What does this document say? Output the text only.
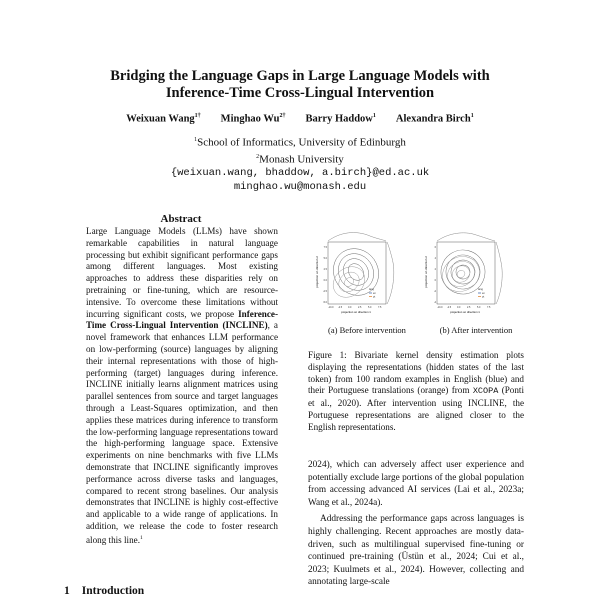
Bridging the Language Gaps in Large Language Models with
Inference-Time Cross-Lingual Intervention
Weixuan Wang$^{1\dagger}$ Minghao $Wu^{2\dagger}$ Barry Haddow$^1$ Alexandra Birch$^1$
$^1$School of Informatics, University of Edinburgh
$^2$Monash University
{weixuan.wang, bhaddow, a.birch}@ed.ac.uk
minghao.wu@monash.edu
Abstract
Large Language Models (LLMs) have shown remarkable capabilities in natural language processing but exhibit significant performance gaps among different languages. Most existing approaches to address these disparities rely on pretraining or fine-tuning, which are resource-intensive. To overcome these limitations without incurring significant costs, we propose Inference-Time Cross-Lingual Intervention (INCLINE), a novel framework that enhances LLM performance on low-performing (source) languages by aligning their internal representations with those of high-performing (target) languages during inference. INCLINE initially learns alignment matrices using parallel sentences from source and target languages through a Least-Squares optimization, and then applies these matrices during inference to transform the low-performing language representations toward the high-performing language space. Extensive experiments on nine benchmarks with five LLMs demonstrate that INCLINE significantly improves performance across diverse tasks and languages, compared to recent strong baselines. Our analysis demonstrates that INCLINE is highly cost-effective and applicable to a wide range of applications. In addition, we release the code to foster research along this line.$^1$
1 Introduction
projection on direction 2
lang
en
pt
-10.0 -2.5 0.0	2.5	5.0	7.5
7.5
5.0
2.5
0.0
-2.5
-5.0
projection on direction 1
projection on direction 2
lang
en
pt
-10.0 -2.5 0.0	2.5	5.0	7.5
6
4
2
0
-2
-4
projection on direction 1
(a) Before intervention	(b) After intervention
Figure 1: Bivariate kernel density estimation plots displaying the representations (hidden states of the last token) from 100 random examples in English (blue) and their Portuguese translations (orange) from XCOPA (Ponti et al., 2020). After intervention using INCLINE, the Portuguese representations are aligned closer to the English representations.

2024), which can adversely affect user experience and potentially exclude large portions of the global population from accessing advanced AI services (Lai et al., 2023a; Wang et al., 2024a).

Addressing the performance gaps across languages is highly challenging. Recent approaches are mostly data-driven, such as multilingual supervised fine-tuning or continued pre-training (Üstün et al., 2024; Cui et al., 2023; Kuulmets et al., 2024). However, collecting and annotating large-scale
